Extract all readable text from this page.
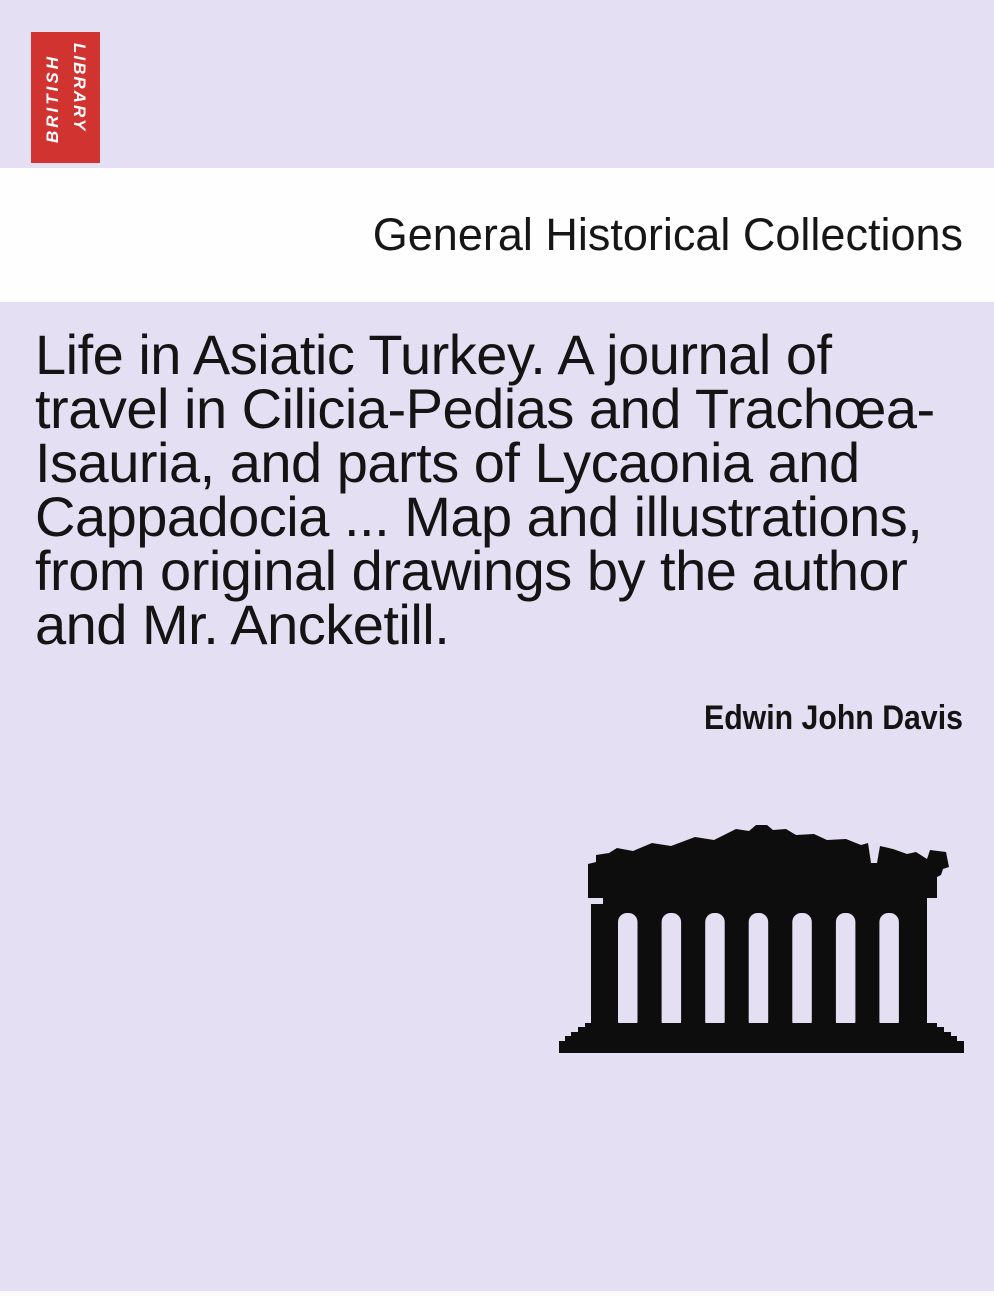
BRITISH LIBRARY
General Historical Collections
Life in Asiatic Turkey. A journal of
travel in Cilicia-Pedias and Trachœa-
Isauria, and parts of Lycaonia and
Cappadocia ... Map and illustrations,
from original drawings by the author
and Mr. Ancketill.
Edwin John Davis
